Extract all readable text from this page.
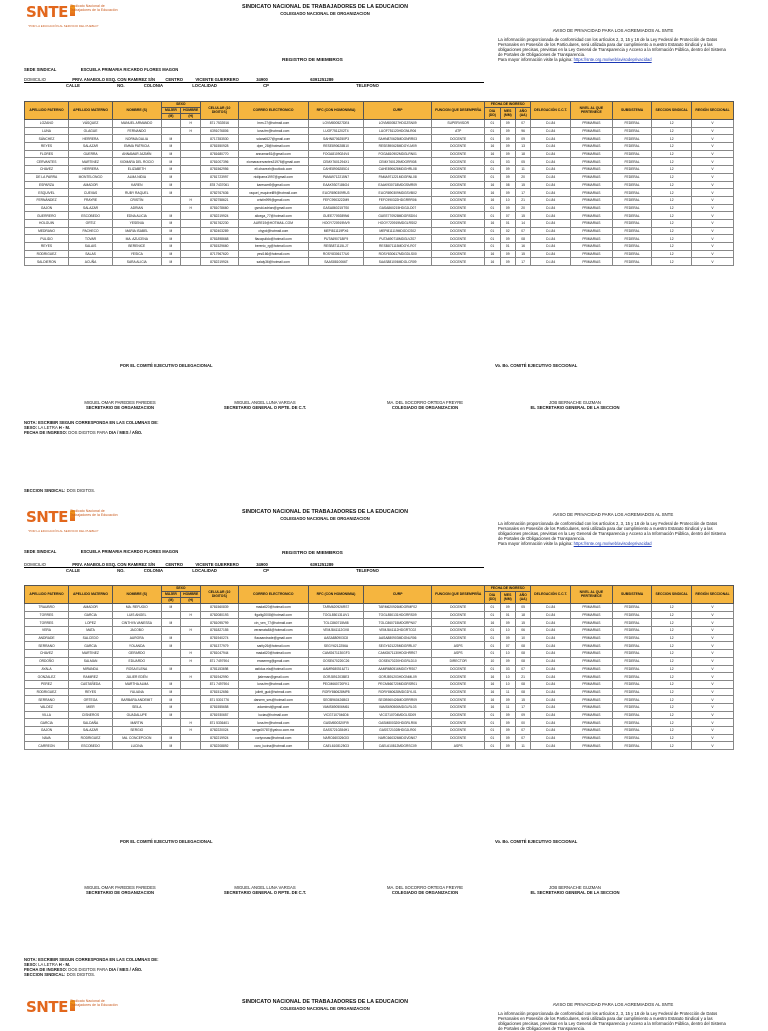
SNTE Sindicato Nacional de Trabajadores de la Educación
"POR LA EDUCACIÓN AL SERVICIO DEL PUEBLO"
SINDICATO NACIONAL DE TRABAJADORES DE LA EDUCACION
COLEGIADO NACIONAL DE ORGANIZACION
AVISO DE PRIVACIDAD PARA LOS AGREMIADOS AL SNTE
La información proporcionada de conformidad con los artículos 2, 3, 15 y 16 de la Ley Federal de Protección de Datos Personales en Posesión de los Particulares, será utilizada para dar cumplimiento a nuestro Estatuto Sindical y a las obligaciones precisas, previstas en la Ley General de Transparencia y Acceso a la Información Pública, dentro del Sistema de Portales de Obligaciones de Transparencia.
Para mayor información visite la página: https://snte.org.mx/web/avisodeprivacidad
REGISTRO DE MIEMBROS
SEDE SINDICAL	ESCUELA PRIMARIA RICARDO FLORES MAGON
DOMICILIO	PRIV. ANABOLO ESQ. CON RAMIREZ S/N CENTRO	VICENTE GUERRERO	34900	6391251289
CALLE	NO.	COLONIA	LOCALIDAD	CP	TELEFONO
APELLIDO PATERNO	APELLIDO MATERNO	NOMBRE (S)	SEXO		CELULAR (10 DIGITOS)	CORREO ELECTRONICO	RFC (CON HOMONIMIA)	CURP	FUNCION QUE DESEMPEÑA	FECHA DE INGRESO			DELEGACIÓN C.C.T.	NIVEL AL QUE PERTENECE	SUBSISTEMA	SECCION SINDICAL	REGIÓN SECCIONAL
			MUJER	HOMBRE						DIA (DD)	MES (MM)	AÑO (AA)					
			(M)	(H)													
LOZANO	VÁSQUEZ	MANUEL ARMANDO		H	871 7533916	lmm.27@hotmail.com	LOVM800527DE4	LOVM800527HDGZSN09	SUPERVISOR	01	09	07	D-I-84	PRIMARIAS	FEDERAL	12	V
LUNA	OLAGUE	FERNANDO		H	6391076806	luna.fer@hotmail.com	LUOF7511202T4	LUOF751120HDGNLR06	ATP	01	09	96	D-I-84	PRIMARIAS	FEDERAL	12	V
SÁNCHEZ	HERRERA	NORMA DALIA	M		8717353530	sdanaI627@gmail.com	SAHN8706250P3	SAHN870625MDGNRR03	DOCENTE	01	09	09	D-I-84	PRIMARIAS	FEDERAL	12	V
REYES	SALAZAR	EMMA PATRICIA	M		8781550928	dpm_28@hotmail.com	RESE890628B10	RESE890628MDGYLM09	DOCENTE	16	09	13	D-I-84	PRIMARIAS	FEDERAL	12	V
FLORES	GUERRA	ANNAMAR JAZMÍN	M		8781680770	annamar81@gmail.com	FOGA8109024V4	FOGA810902MDGLRN01	DOCENTE	16	09	18	D-I-84	PRIMARIAS	FEDERAL	12	V
CERVANTES	MARTINEZ	XIOMARA DEL ROCIO	M		8781007396	xiomaracervantes31976@gmail.com	CEMX7601294X1	CEMX760129MDGRRI08	DOCENTE	01	03	05	D-I-84	PRIMARIAS	FEDERAL	12	V
CHAVEZ	HERRERA	ELIZABETH	M		8781562956	eli.chavezh@outlook.com	CAHE8906285C4	CAHE890628MDGHRL08	DOCENTE	01	09	11	D-I-84	PRIMARIAS	FEDERAL	12	V
DE LA PARRA	MONTELONGO	ALMA NIDIA	M		8781723997	nidiiparra1997@gmail.com	PAMA9712215N7	PAMA971221MDGRNL08	DOCENTE	01	09	20	D-I-84	PRIMARIAS	FEDERAL	12	V
ESPARZA	AMADOR	KAREN	M		878 7437061	karesam9@gmail.com	EAAK9307186G4	EAAK930718MDGSMR09	DOCENTE	16	08	15	D-I-84	PRIMARIAS	FEDERAL	12	V
ESQUIVEL	CUEVAS	RUBY RAQUEL	M		8782767636	raquel_esquivel89@hotmail.com	EUCR890309RU3	EUCR890309MDGSVB02	DOCENTE	16	09	17	D-I-84	PRIMARIAS	FEDERAL	12	V
FERNÁNDEZ	FRAYRE	CRISTÍN		H	8782758621	cristin999@gmail.com	FEFC9903222M9	FEFC990322HDGRRR06	DOCENTE	16	10	21	D-I-84	PRIMARIAS	FEDERAL	12	V
GAJON	SALAZAR	ADRIAN		H	8781078660	gsrsld.adrian@gmail.com	GASA860215TS0	GASA860215HDGJLD07	DOCENTE	01	09	20	D-I-84	PRIMARIAS	FEDERAL	12	V
GUERRERO	ESCOBEDO	EDNA ALICIA	M		8782219924	alicega_77@hotmail.com	GUEE7709289N6	GUEE770928MDGRSD04	DOCENTE	01	07	15	D-I-84	PRIMARIAS	FEDERAL	12	V
HOLGUIN	ORTIZ	YESENIA	M		8781762230	AURE19@HOTMAIL.COM	HOOY720919NV9	HOOY720919MDGLRS02	DOCENTE	16	01	14	D-I-84	PRIMARIAS	FEDERAL	12	V
MEDRANO	PACHECO	MARIA ISABEL	M		8782403289	chypd@hotmail.com	MEPI811119PX6	MEPI811119MDGDCS02	DOCENTE	01	02	07	D-I-84	PRIMARIAS	FEDERAL	12	V
PULIDO	TOVAR	MA. AZUCENA	M		8781898668	flacapulido@hotmail.com	PUTA690718IF9	PUTA690718MDGLVZ07	DOCENTE	01	09	08	D-I-84	PRIMARIAS	FEDERAL	12	V
REYES	SALAIS	BERENICE	M		8781529660	berenic_rg@hotmail.com	RESB871115LJ7	RESB871115MDGYLR07	DOCENTE	01	01	16	D-I-84	PRIMARIAS	FEDERAL	12	V
RODRIGUEZ	SALAS	YESICA	M		8717967620	yesi166@hotmail.com	ROSY8306177U0	ROSY830617MDGDLS00	DOCENTE	16	09	15	D-I-84	PRIMARIAS	FEDERAL	12	V
SALDIERON	ACUÑA	SARA ALICIA	M		8782219924	salaly36@hotmail.com	SAAS8810066T	SAAS881006MDGLCR09	DOCENTE	16	09	17	D-I-84	PRIMARIAS	FEDERAL	12	V
POR EL COMITÉ EJECUTIVO DELEGACIONAL	Vo. Bo. COMITÉ EJECUTIVO SECCIONAL
MIGUEL OMAR PAREDES PAREDES
SECRETARIO DE ORGANIZACION
MIGUEL ANGEL LUNA VARGAS
SECRETARIO GENERAL O RPTE. DE C.T.
MA. DEL SOCORRO ORTEGA FREYRE
COLEGIADO DE ORGANIZACION
JOB BERNACHE GUZMAN
EL SECRETARIO GENERAL DE LA SECCION
NOTA: ESCRIBIR SEGUN CORRESPONDA EN LAS COLUMNAS DE:
SEXO: LA LETRA H - M.
FECHA DE INGRESO: DOS DIGITOS PARA DIA / MES / AÑO.
SECCION SINDICAL: DOS DIGITOS.
SNTE Sindicato Nacional de Trabajadores de la Educación
"POR LA EDUCACIÓN AL SERVICIO DEL PUEBLO"
SINDICATO NACIONAL DE TRABAJADORES DE LA EDUCACION
COLEGIADO NACIONAL DE ORGANIZACION
AVISO DE PRIVACIDAD PARA LOS AGREMIADOS AL SNTE
La información proporcionada de conformidad con los artículos 2, 3, 15 y 16 de la Ley Federal de Protección de Datos Personales en Posesión de los Particulares, será utilizada para dar cumplimiento a nuestro Estatuto Sindical y a las obligaciones precisas, previstas en la Ley General de Transparencia y Acceso a la Información Pública, dentro del Sistema de Portales de Obligaciones de Transparencia.
Para mayor información visite la página: https://snte.org.mx/web/avisodeprivacidad
SEDE SINDICAL	ESCUELA PRIMARIA RICARDO FLORES MAGON	REGISTRO DE MIEMBROS
DOMICILIO	PRIV. ANABOLO ESQ. CON RAMIREZ S/N CENTRO	VICENTE GUERRERO	34900	6391251289
CALLE	NO.	COLONIA	LOCALIDAD	CP	TELEFONO
APELLIDO PATERNO	APELLIDO MATERNO	NOMBRE (S)	SEXO		CELULAR (10 DIGITOS)	CORREO ELECTRONICO	RFC (CON HOMONIMIA)	CURP	FUNCION QUE DESEMPEÑA	FECHA DE INGRESO			DELEGACIÓN C.C.T.	NIVEL AL QUE PERTENECE	SUBSISTEMA	SECCION SINDICAL	REGIÓN SECCIONAL
			MUJER	HOMBRE						DIA (DD)	MES (MM)	AÑO (AA)					
			(M)	(H)													
TRAUBRO	AMADOR	MA. REFUGIO	M		8781560839	mada620@hotmail.com	TARM620926RS7	TARM620926MDGRMF02	DOCENTE	01	09	05	D-I-84	PRIMARIAS	FEDERAL	12	V
TORRES	GARCIA	LUIS ANGEL		H	8782080193	figaltg2008@hotmail.com	TOGL850131UV1	TOGL850131HDGRRS09	DOCENTE	01	01	18	D-I-84	PRIMARIAS	FEDERAL	12	V
TORRES	LOPEZ	CINTHYA VANESSA	M		8781095799	cin_ven_77@hotmail.com	TOLC860715MI8	TOLC860715MDGRPN07	DOCENTE	16	09	15	D-I-84	PRIMARIAS	FEDERAL	12	V
VERA	MATA	JACOBO		H	8781827155	veramata84@hotmail.com	VEMJ841112GV8	VEMJ841112HDGRTC02	DOCENTE	01	10	06	D-I-84	PRIMARIAS	FEDERAL	12	V
ANDRADE	SALCEDO	AURORA	M		8781940274	flacaandrade@gmail.com	AASA880903C8	AASA880903MDGNLR06	DOCENTE	01	09	10	D-I-84	PRIMARIAS	FEDERAL	12	V
SERRANO	GARCIA	YOLANDA	M		8781377979	sarity26@hotmail.com	SEGY6212256A	SEGY621225MDGRRL07	ASPS	01	07	08	D-I-84	PRIMARIAS	FEDERAL	12	V
CHAVEZ	MARTINEZ	GERARDO		H	8781047944	mada620@hotmail.com	CAMG671130GF3	CAMG671130HDGHRR07	ASPS	01	10	08	D-I-84	PRIMARIAS	FEDERAL	12	V
ORDOÑO	SALMAN	EDUARDO		H	871 7497904	erasermg@gmail.com	OOSE670220C26	OOSE670220HDGRLD10	DIRECTOR	10	09	08	D-I-84	PRIMARIAS	FEDERAL	12	V
AYALA	MIRANDA	ROSA ELENA	M		8781153698	astiduz.ela@hotmail.com	AAMR680516JT1	AAMR680516MDGYRS07	DOCENTE	01	03	07	D-I-84	PRIMARIAS	FEDERAL	12	V
GONZALEZ	RAMIREZ	JULIER EDÉN		H	8781942990	jtaleman@gmail.com	GORJ891203BE3	GORJ891203HDGNML09	DOCENTE	16	10	21	D-I-84	PRIMARIAS	FEDERAL	12	V
PEREZ	CASTAÑEDA	MARTHA ALMA	M		871 7497904	luna.fer@hotmail.com	PECM660720FK1	PECM660720MDGRSR01	DOCENTE	16	10	08	D-I-84	PRIMARIAS	FEDERAL	12	V
RODRIGUEZ	REYES	YULIANA	M		8781512656	juliett_gud@hotmail.com	RORY860628MP8	RORY860628MDGDYL01	DOCENTE	16	11	08	D-I-84	PRIMARIAS	FEDERAL	12	V
SERRANO	ORTEGA	BARBARA ANDEMIT	M		871 5301776	darsem_ses@hotmail.com	SEOB960426B03	SEOB960426MDGRRR09	DOCENTE	16	09	15	D-I-84	PRIMARIAS	FEDERAL	12	V
VALDEZ	MIER	SEILA	M		8781555658	adaminst@gmail.com	VAMS690506M61	VAMS690506MDGLRL03	DOCENTE	16	11	17	D-I-84	PRIMARIAS	FEDERAL	12	V
VILLA	CISNEROS	GUADALUPE	M		8781930657	lucias@hotmail.com	VICG7107046D6	VICG710704MDGLSD09	DOCENTE	01	09	09	D-I-84	PRIMARIAS	FEDERAL	12	V
GARCIA	SALDAÑA	MARTIN		H	871 5336401	luna.fer@hotmail.com	GASM800320FI9	GASM800320HDGRLR06	DOCENTE	01	09	00	D-I-84	PRIMARIAS	FEDERAL	12	V
GAJON	SALAZAR	SERGIO		H	8782220024	sergs00787@yahoo.com.mx	GASS7210284H1	GASS721028HDGJLR00	DOCENTE	01	09	07	D-I-84	PRIMARIAS	FEDERAL	12	V
NAVA	RODRIGUEZ	MA. CONCEPCION	M		8782219924	coriyrosas@hotmail.com	NARC660326GI3	NARC660326MDGVDN07	DOCENTE	01	09	07	D-I-84	PRIMARIAS	FEDERAL	12	V
CARREON	ESCOBEDO	LUCINA	M		8782208892	caro_lucina@hotmail.com	CAEL6108125G3	CAEL610812MDGRSC09	ASPS	01	09	11	D-I-84	PRIMARIAS	FEDERAL	12	V
POR EL COMITÉ EJECUTIVO DELEGACIONAL	Vo. Bo. COMITÉ EJECUTIVO SECCIONAL
MIGUEL OMAR PAREDES PAREDES
SECRETARIO DE ORGANIZACION
MIGUEL ANGEL LUNA VARGAS
SECRETARIO GENERAL O RPTE. DE C.T.
MA. DEL SOCORRO ORTEGA FREYRE
COLEGIADO DE ORGANIZACION
JOB BERNACHE GUZMAN
EL SECRETARIO GENERAL DE LA SECCION
NOTA: ESCRIBIR SEGUN CORRESPONDA EN LAS COLUMNAS DE:
SEXO: LA LETRA H - M.
FECHA DE INGRESO: DOS DIGITOS PARA DIA / MES / AÑO.
SECCION SINDICAL: DOS DIGITOS.
SNTE Sindicato Nacional de Trabajadores de la Educación	SINDICATO NACIONAL DE TRABAJADORES DE LA EDUCACION
COLEGIADO NACIONAL DE ORGANIZACION
AVISO DE PRIVACIDAD PARA LOS AGREMIADOS AL SNTE
La información proporcionada de conformidad con los artículos 2, 3, 15 y 16 de la Ley Federal de Protección de Datos Personales en Posesión de los Particulares, será utilizada para dar cumplimiento a nuestro Estatuto Sindical y a las obligaciones precisas, previstas en la Ley General de Transparencia y Acceso a la Información Pública, dentro del Sistema de Portales de Obligaciones de Transparencia.
